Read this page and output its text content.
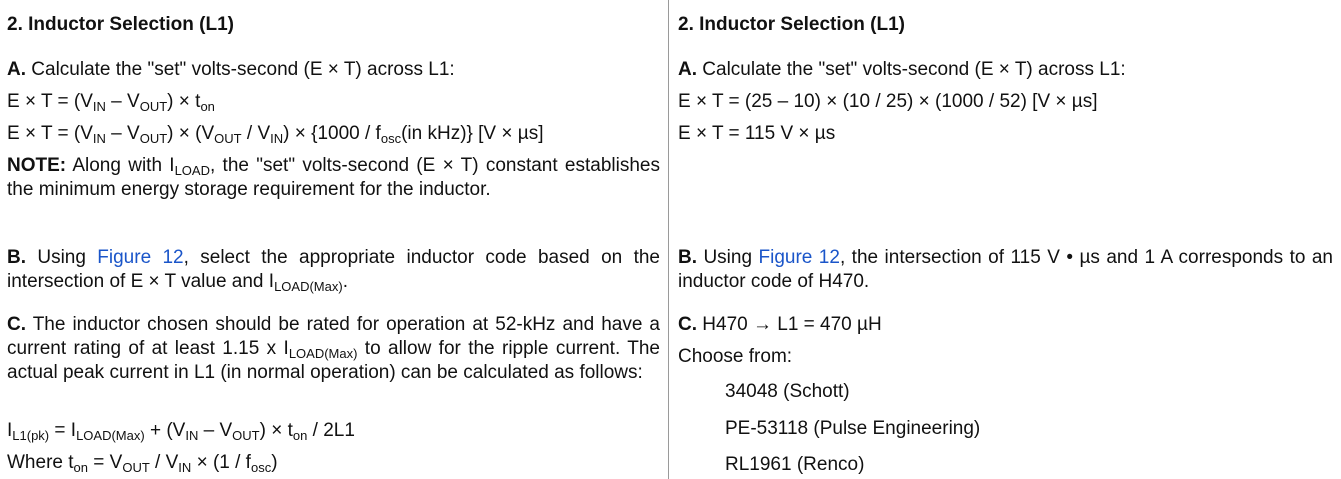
2. Inductor Selection (L1)
A. Calculate the "set" volts-second (E × T) across L1:
$E \times T = (V_{IN} - V_{OUT}) \times t_{on}$
$E \times T = (V_{IN} - V_{OUT}) \times (V_{OUT} / V_{IN}) \times \{1000 / f_{osc}(in$ kHz)} [V × µs]
NOTE: Along with $I_{LOAD}$, the "set" volts-second (E × T) constant establishes the minimum energy storage requirement for the inductor.
B. Using Figure 12, select the appropriate inductor code based on the intersection of E × T value and $I_{LOAD(Max)}$.
C. The inductor chosen should be rated for operation at 52-kHz and have a current rating of at least 1.15 x $I_{LOAD(Max)}$ to allow for the ripple current. The actual peak current in L1 (in normal operation) can be calculated as follows:
$I_{L1(pk)} = I_{LOAD(Max)} + (V_{IN} - V_{OUT}) \times t_{on} / 2L1$
Where $t_{on} = V_{OUT} / V_{IN} \times (1 / f_{osc})$
2. Inductor Selection (L1)
A. Calculate the "set" volts-second (E × T) across L1:
E × T = (25 – 10) × (10 / 25) × (1000 / 52) [V × µs]
E × T = 115 V × µs
B. Using Figure 12, the intersection of 115 V • µs and 1 A corresponds to an inductor code of H470.
C. H470 → L1 = 470 µH
Choose from:
34048 (Schott)
PE-53118 (Pulse Engineering)
RL1961 (Renco)
